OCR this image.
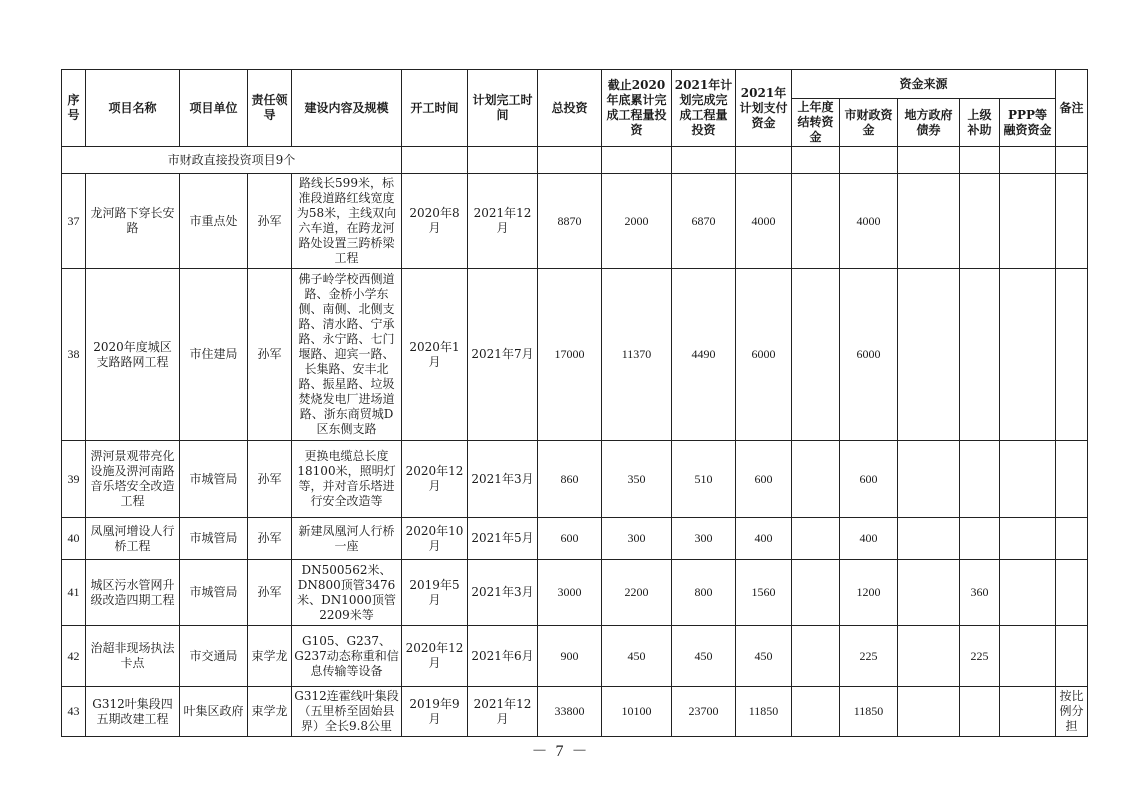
序号	项目名称	项目单位	责任领导	建设内容及规模	开工时间	计划完工时间	总投资	截止2020年底累计完成工程量投资	2021年计划完成完成工程量投资	2021年计划支付资金	资金来源					备注
											上年度结转资金	市财政资金	地方政府债券	上级补助	PPP等融资资金	
市财政直接投资项目9个																
37	龙河路下穿长安路	市重点处	孙军	路线长599米，标准段道路红线宽度为58米，主线双向六车道，在跨龙河路处设置三跨桥梁工程	2020年8月	2021年12月	8870	2000	6870	4000		4000				
38	2020年度城区支路路网工程	市住建局	孙军	佛子岭学校西侧道路、金桥小学东侧、南侧、北侧支路、清水路、宁承路、永宁路、七门堰路、迎宾一路、长集路、安丰北路、振星路、垃圾焚烧发电厂进场道路、浙东商贸城D区东侧支路	2020年1月	2021年7月	17000	11370	4490	6000		6000				
39	淠河景观带亮化设施及淠河南路音乐塔安全改造工程	市城管局	孙军	更换电缆总长度18100米，照明灯等，并对音乐塔进行安全改造等	2020年12月	2021年3月	860	350	510	600		600				
40	凤凰河增设人行桥工程	市城管局	孙军	新建凤凰河人行桥一座	2020年10月	2021年5月	600	300	300	400		400				
41	城区污水管网升级改造四期工程	市城管局	孙军	DN500562米、DN800顶管3476米、DN1000顶管2209米等	2019年5月	2021年3月	3000	2200	800	1560		1200		360		
42	治超非现场执法卡点	市交通局	束学龙	G105、G237、G237动态称重和信息传输等设备	2020年12月	2021年6月	900	450	450	450		225		225		
43	G312叶集段四五期改建工程	叶集区政府	束学龙	G312连霍线叶集段（五里桥至固始县界）全长9.8公里	2019年9月	2021年12月	33800	10100	23700	11850		11850				按比例分担
－ 7 －
